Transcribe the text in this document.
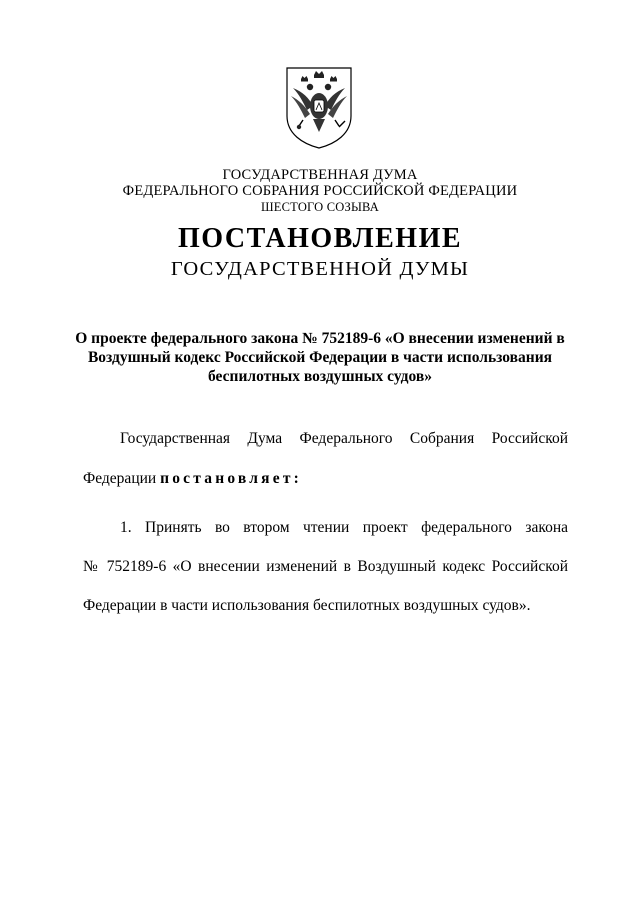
ГОСУДАРСТВЕННАЯ ДУМА
ФЕДЕРАЛЬНОГО СОБРАНИЯ РОССИЙСКОЙ ФЕДЕРАЦИИ
ШЕСТОГО СОЗЫВА
ПОСТАНОВЛЕНИЕ
ГОСУДАРСТВЕННОЙ ДУМЫ
О проекте федерального закона № 752189-6 «О внесении изменений в
Воздушный кодекс Российской Федерации в части использования
беспилотных воздушных судов»
Государственная Дума Федерального Собрания Российской
Федерации постановляет:
1. Принять во втором чтении проект федерального закона
№ 752189-6 «О внесении изменений в Воздушный кодекс Российской
Федерации в части использования беспилотных воздушных судов».
